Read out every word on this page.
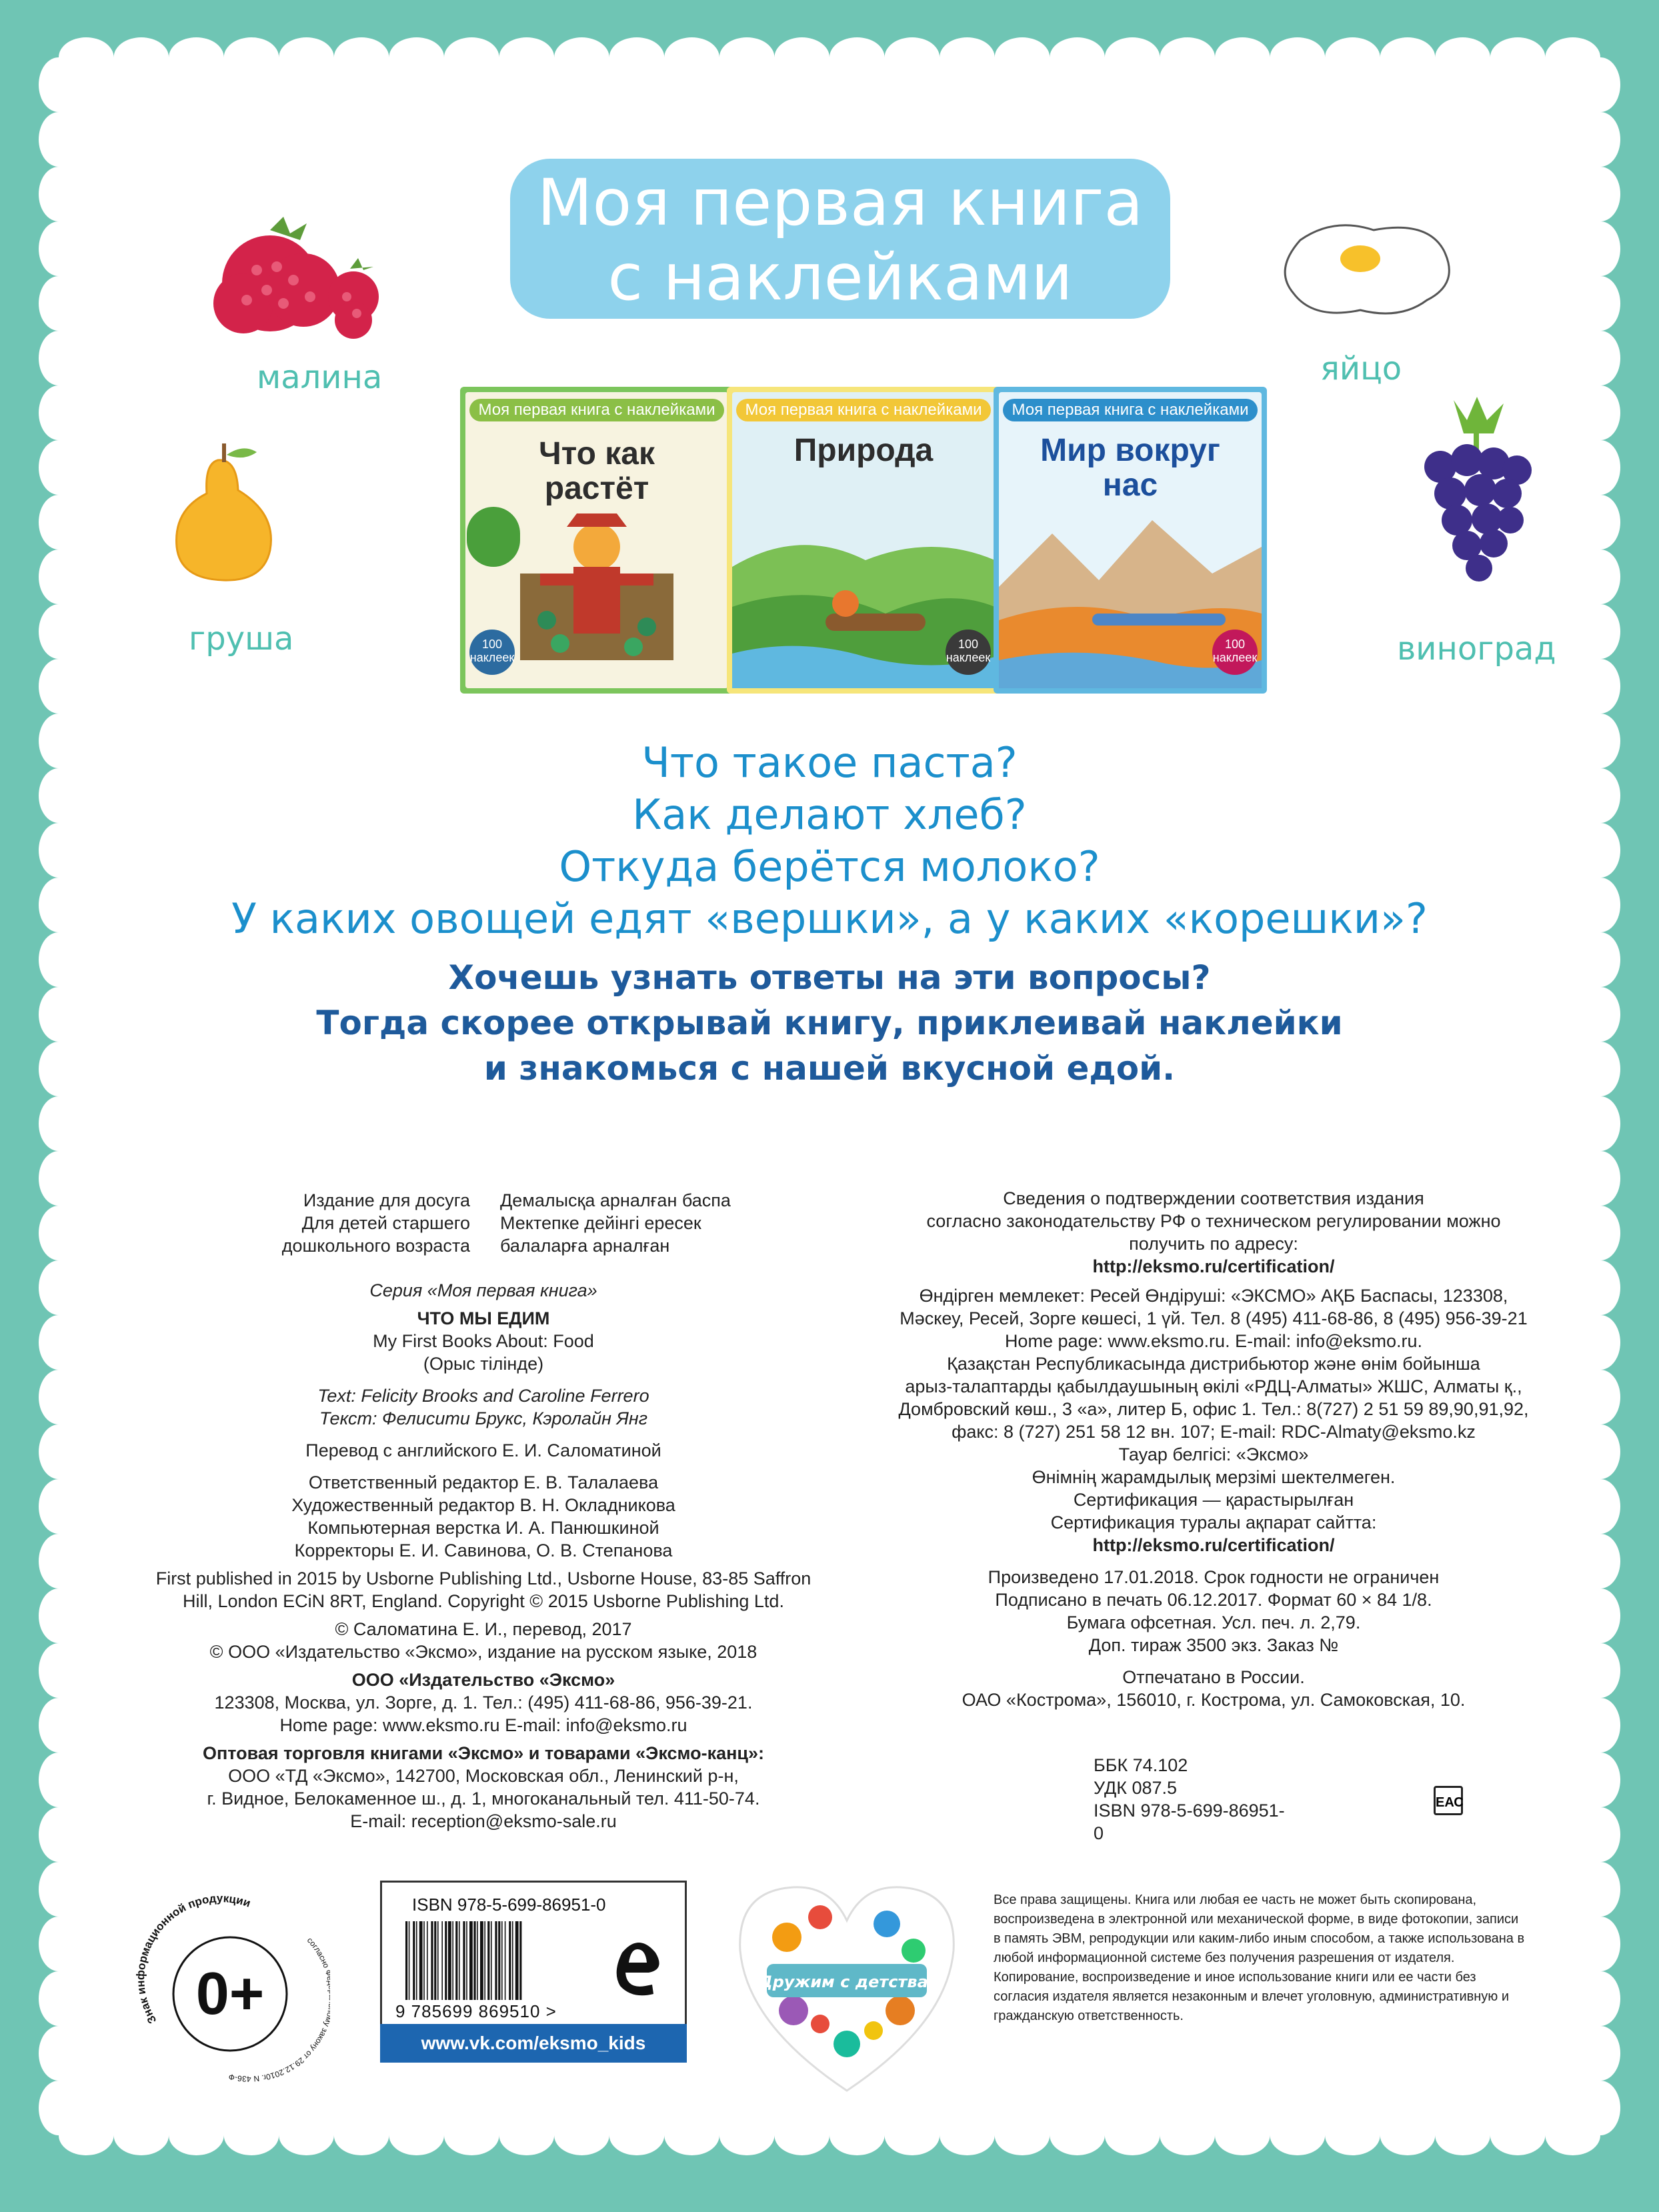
Моя первая книга
с наклейками
малина
груша
яйцо
виноград
Моя первая книга с наклейками
Что как растёт
100 наклеек
Моя первая книга с наклейками
Природа
100 наклеек
Моя первая книга с наклейками
Мир вокруг нас
100 наклеек
Что такое паста?
Как делают хлеб?
Откуда берётся молоко?
У каких овощей едят «вершки», а у каких «корешки»?
Хочешь узнать ответы на эти вопросы?
Тогда скорее открывай книгу, приклеивай наклейки
и знакомься с нашей вкусной едой.
Издание для досуга
Для детей старшего
дошкольного возраста
Демалысқа арналған баспа
Мектепке дейінгі ересек
балаларға арналған
Серия «Моя первая книга»
ЧТО МЫ ЕДИМ
My First Books About: Food
(Орыс тілінде)
Text: Felicity Brooks and Caroline Ferrero
Текст: Фелисити Брукс, Кэролайн Янг
Перевод с английского Е. И. Саломатиной
Ответственный редактор Е. В. Талалаева
Художественный редактор В. Н. Окладникова
Компьютерная верстка И. А. Панюшкиной
Корректоры Е. И. Савинова, О. В. Степанова
First published in 2015 by Usborne Publishing Ltd., Usborne House, 83-85 Saffron
Hill, London ECiN 8RT, England. Copyright © 2015 Usborne Publishing Ltd.
© Саломатина Е. И., перевод, 2017
© ООО «Издательство «Эксмо», издание на русском языке, 2018
ООО «Издательство «Эксмо»
123308, Москва, ул. Зорге, д. 1. Тел.: (495) 411-68-86, 956-39-21.
Home page: www.eksmo.ru E-mail: info@eksmo.ru
Оптовая торговля книгами «Эксмо» и товарами «Эксмо-канц»:
ООО «ТД «Эксмо», 142700, Московская обл., Ленинский р-н,
г. Видное, Белокаменное ш., д. 1, многоканальный тел. 411-50-74.
E-mail: reception@eksmo-sale.ru
Сведения о подтверждении соответствия издания
согласно законодательству РФ о техническом регулировании можно
получить по адресу:
http://eksmo.ru/certification/
Өндірген мемлекет: Ресей Өндіруші: «ЭКСМО» АҚБ Баспасы, 123308,
Мәскеу, Ресей, Зорге көшесі, 1 үй. Тел. 8 (495) 411-68-86, 8 (495) 956-39-21
Home page: www.eksmo.ru. E-mail: info@eksmo.ru.
Қазақстан Республикасында дистрибьютор және өнім бойынша
арыз-талаптарды қабылдаушының өкілі «РДЦ-Алматы» ЖШС, Алматы қ.,
Домбровский көш., 3 «а», литер Б, офис 1. Тел.: 8(727) 2 51 59 89,90,91,92,
факс: 8 (727) 251 58 12 вн. 107; E-mail: RDC-Almaty@eksmo.kz
Тауар белгісі: «Эксмо»
Өнімнің жарамдылық мерзімі шектелмеген.
Сертификация — қарастырылған
Сертификация туралы ақпарат сайтта:
http://eksmo.ru/certification/
Произведено 17.01.2018. Срок годности не ограничен
Подписано в печать 06.12.2017. Формат 60 × 84 1/8.
Бумага офсетная. Усл. печ. л. 2,79.
Доп. тираж 3500 экз. Заказ №
Отпечатано в России.
ОАО «Кострома», 156010, г. Кострома, ул. Самоковская, 10.
ББК 74.102
УДК 087.5
ISBN 978-5-699-86951-0
ЕАС
0+
Знак информационной продукции
согласн закону от 29.12.2010г. N 436-Ф
ISBN 978-5-699-86951-0
9 785699 869510 >
www.vk.com/eksmo_kids
Дружим с детства!
Все права защищены. Книга или любая ее часть не может быть скопирована, воспроизведена в электронной или механической форме, в виде фотокопии, записи в память ЭВМ, репродукции или каким-либо иным способом, а также использована в любой информационной системе без получения разрешения от издателя. Копирование, воспроизведение и иное использование книги или ее части без согласия издателя является незаконным и влечет уголовную, административную и гражданскую ответственность.
